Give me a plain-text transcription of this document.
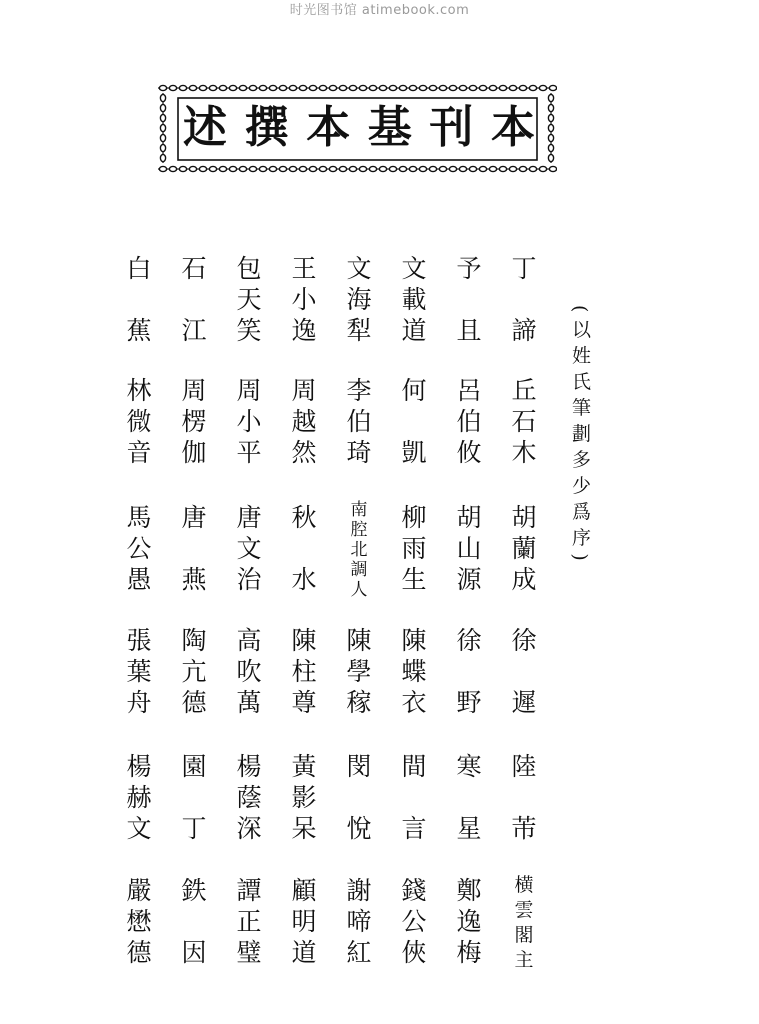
时光图书馆 atimebook.com
本
刊
基
本
撰
述
(以姓氏筆劃多少爲序)
丁
諦
丘
石
木
胡
蘭
成
徐
遲
陸
芾
横
雲
閣
主
予
且
呂
伯
攸
胡
山
源
徐
野
寒
星
鄭
逸
梅
文
載
道
何
凱
柳
雨
生
陳
蝶
衣
間
言
錢
公
俠
文
海
犁
李
伯
琦
南
腔
北
調
人
陳
學
稼
閔
悅
謝
啼
紅
王
小
逸
周
越
然
秋
水
陳
柱
尊
黃
影
呆
顧
明
道
包
天
笑
周
小
平
唐
文
治
高
吹
萬
楊
蔭
深
譚
正
璧
石
江
周
楞
伽
唐
燕
陶
亢
德
園
丁
鉄
因
白
蕉
林
微
音
馬
公
愚
張
葉
舟
楊
赫
文
嚴
懋
德
